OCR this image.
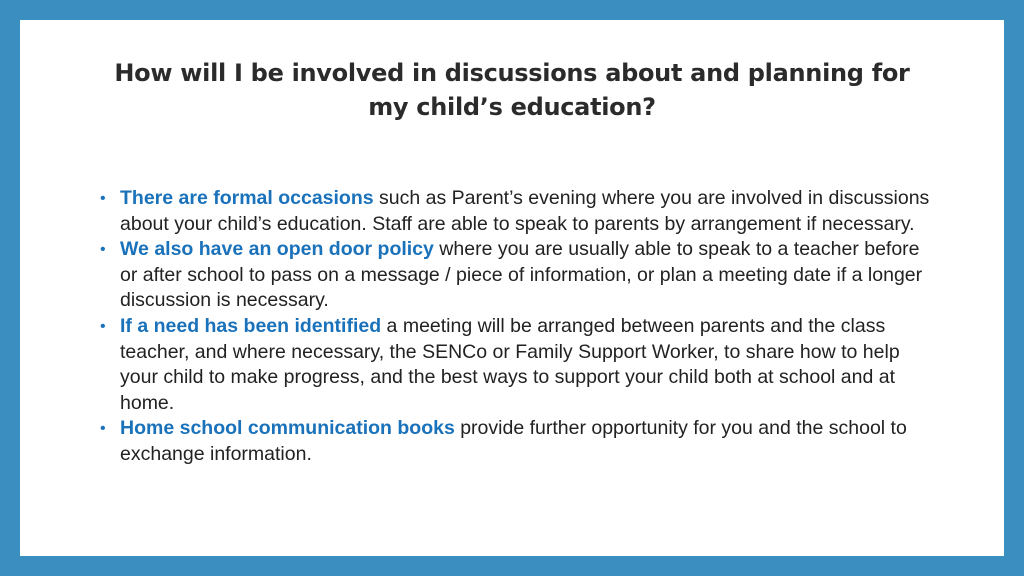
How will I be involved in discussions about and planning for
my child’s education?
• There are formal occasions such as Parent’s evening where you are involved in discussions about your child’s education. Staff are able to speak to parents by arrangement if necessary.
• We also have an open door policy where you are usually able to speak to a teacher before or after school to pass on a message / piece of information, or plan a meeting date if a longer discussion is necessary.
• If a need has been identified a meeting will be arranged between parents and the class teacher, and where necessary, the SENCo or Family Support Worker, to share how to help your child to make progress, and the best ways to support your child both at school and at home.
• Home school communication books provide further opportunity for you and the school to exchange information.
